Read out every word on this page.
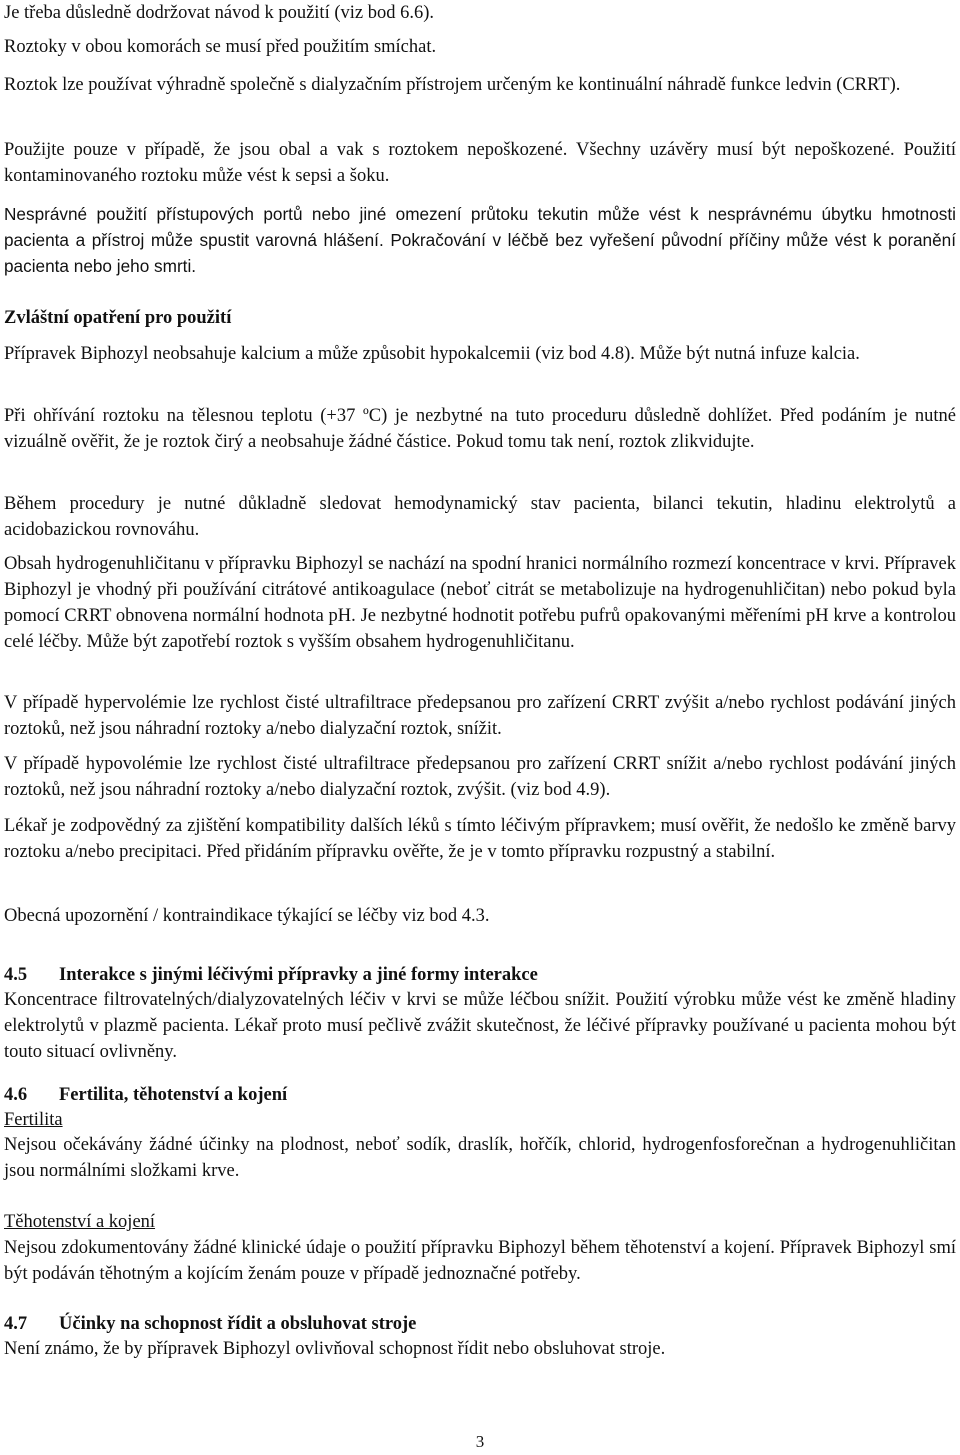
Je třeba důsledně dodržovat návod k použití (viz bod 6.6).

Roztoky v obou komorách se musí před použitím smíchat.

Roztok lze používat výhradně společně s dialyzačním přístrojem určeným ke kontinuální náhradě funkce ledvin (CRRT).

Použijte pouze v případě, že jsou obal a vak s roztokem nepoškozené. Všechny uzávěry musí být nepoškozené. Použití kontaminovaného roztoku může vést k sepsi a šoku.

Nesprávné použití přístupových portů nebo jiné omezení průtoku tekutin může vést k nesprávnému úbytku hmotnosti pacienta a přístroj může spustit varovná hlášení. Pokračování v léčbě bez vyřešení původní příčiny může vést k poranění pacienta nebo jeho smrti.

Zvláštní opatření pro použití

Přípravek Biphozyl neobsahuje kalcium a může způsobit hypokalcemii (viz bod 4.8). Může být nutná infuze kalcia.

Při ohřívání roztoku na tělesnou teplotu (+37 ºC) je nezbytné na tuto proceduru důsledně dohlížet. Před podáním je nutné vizuálně ověřit, že je roztok čirý a neobsahuje žádné částice. Pokud tomu tak není, roztok zlikvidujte.

Během procedury je nutné důkladně sledovat hemodynamický stav pacienta, bilanci tekutin, hladinu elektrolytů a acidobazickou rovnováhu.

Obsah hydrogenuhličitanu v přípravku Biphozyl se nachází na spodní hranici normálního rozmezí koncentrace v krvi. Přípravek Biphozyl je vhodný při používání citrátové antikoagulace (neboť citrát se metabolizuje na hydrogenuhličitan) nebo pokud byla pomocí CRRT obnovena normální hodnota pH. Je nezbytné hodnotit potřebu pufrů opakovanými měřeními pH krve a kontrolou celé léčby. Může být zapotřebí roztok s vyšším obsahem hydrogenuhličitanu.

V případě hypervolémie lze rychlost čisté ultrafiltrace předepsanou pro zařízení CRRT zvýšit a/nebo rychlost podávání jiných roztoků, než jsou náhradní roztoky a/nebo dialyzační roztok, snížit.

V případě hypovolémie lze rychlost čisté ultrafiltrace předepsanou pro zařízení CRRT snížit a/nebo rychlost podávání jiných roztoků, než jsou náhradní roztoky a/nebo dialyzační roztok, zvýšit. (viz bod 4.9).

Lékař je zodpovědný za zjištění kompatibility dalších léků s tímto léčivým přípravkem; musí ověřit, že nedošlo ke změně barvy roztoku a/nebo precipitaci. Před přidáním přípravku ověřte, že je v tomto přípravku rozpustný a stabilní.

Obecná upozornění / kontraindikace týkající se léčby viz bod 4.3.

4.5 Interakce s jinými léčivými přípravky a jiné formy interakce

Koncentrace filtrovatelných/dialyzovatelných léčiv v krvi se může léčbou snížit. Použití výrobku může vést ke změně hladiny elektrolytů v plazmě pacienta. Lékař proto musí pečlivě zvážit skutečnost, že léčivé přípravky používané u pacienta mohou být touto situací ovlivněny.

4.6 Fertilita, těhotenství a kojení

Fertilita

Nejsou očekávány žádné účinky na plodnost, neboť sodík, draslík, hořčík, chlorid, hydrogenfosforečnan a hydrogenuhličitan jsou normálními složkami krve.

Těhotenství a kojení

Nejsou zdokumentovány žádné klinické údaje o použití přípravku Biphozyl během těhotenství a kojení. Přípravek Biphozyl smí být podáván těhotným a kojícím ženám pouze v případě jednoznačné potřeby.

4.7 Účinky na schopnost řídit a obsluhovat stroje

Není známo, že by přípravek Biphozyl ovlivňoval schopnost řídit nebo obsluhovat stroje.

3
